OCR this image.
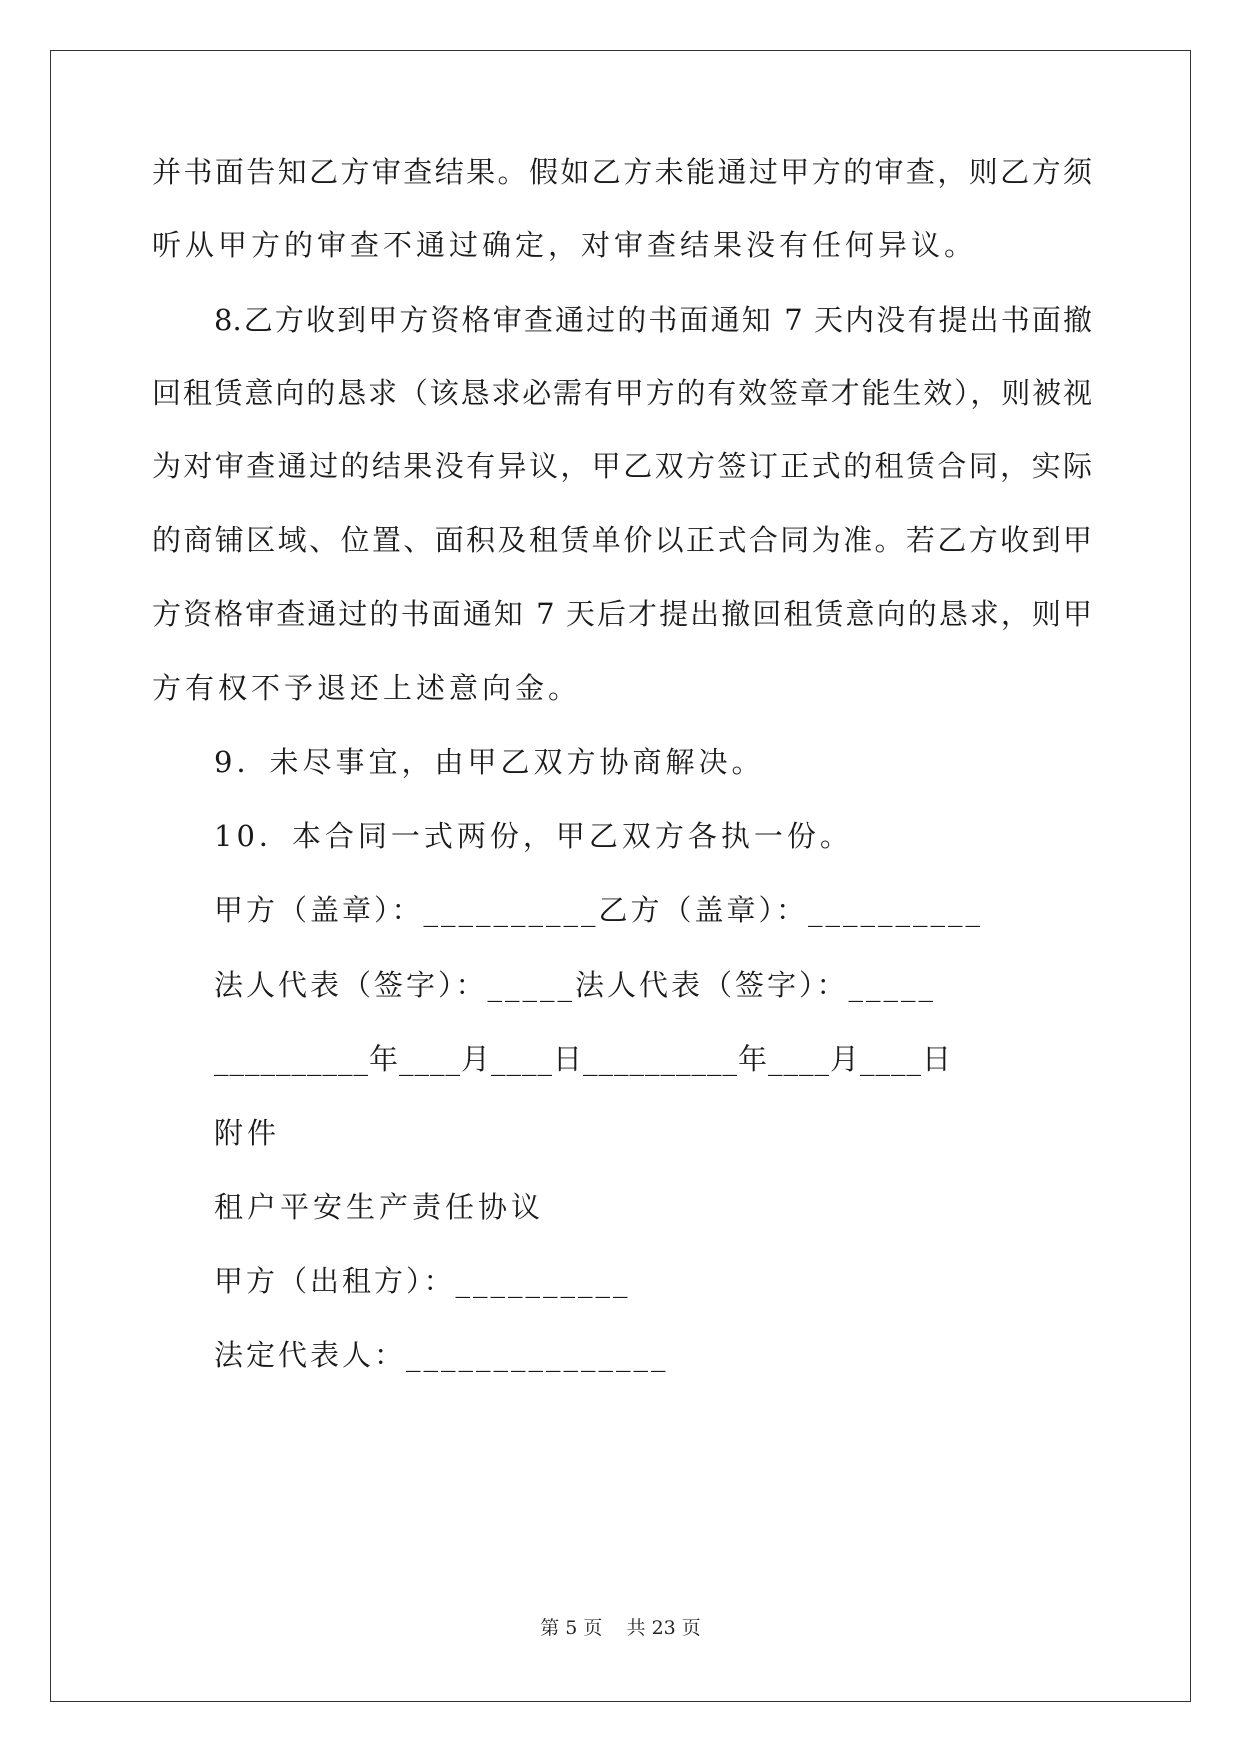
并书面告知乙方审查结果。假如乙方未能通过甲方的审查，则乙方须
听从甲方的审查不通过确定，对审查结果没有任何异议。
8.乙方收到甲方资格审查通过的书面通知 7 天内没有提出书面撤
回租赁意向的恳求（该恳求必需有甲方的有效签章才能生效），则被视
为对审查通过的结果没有异议，甲乙双方签订正式的租赁合同，实际
的商铺区域、位置、面积及租赁单价以正式合同为准。若乙方收到甲
方资格审查通过的书面通知 7 天后才提出撤回租赁意向的恳求，则甲
方有权不予退还上述意向金。
9．未尽事宜，由甲乙双方协商解决。
10．本合同一式两份，甲乙双方各执一份。
甲方（盖章）：__________乙方（盖章）：__________
法人代表（签字）：_____法人代表（签字）：_____
__________年____月____日__________年____月____日
附件
租户平安生产责任协议
甲方（出租方）：__________
法定代表人：_______________
第 5 页 共 23 页
